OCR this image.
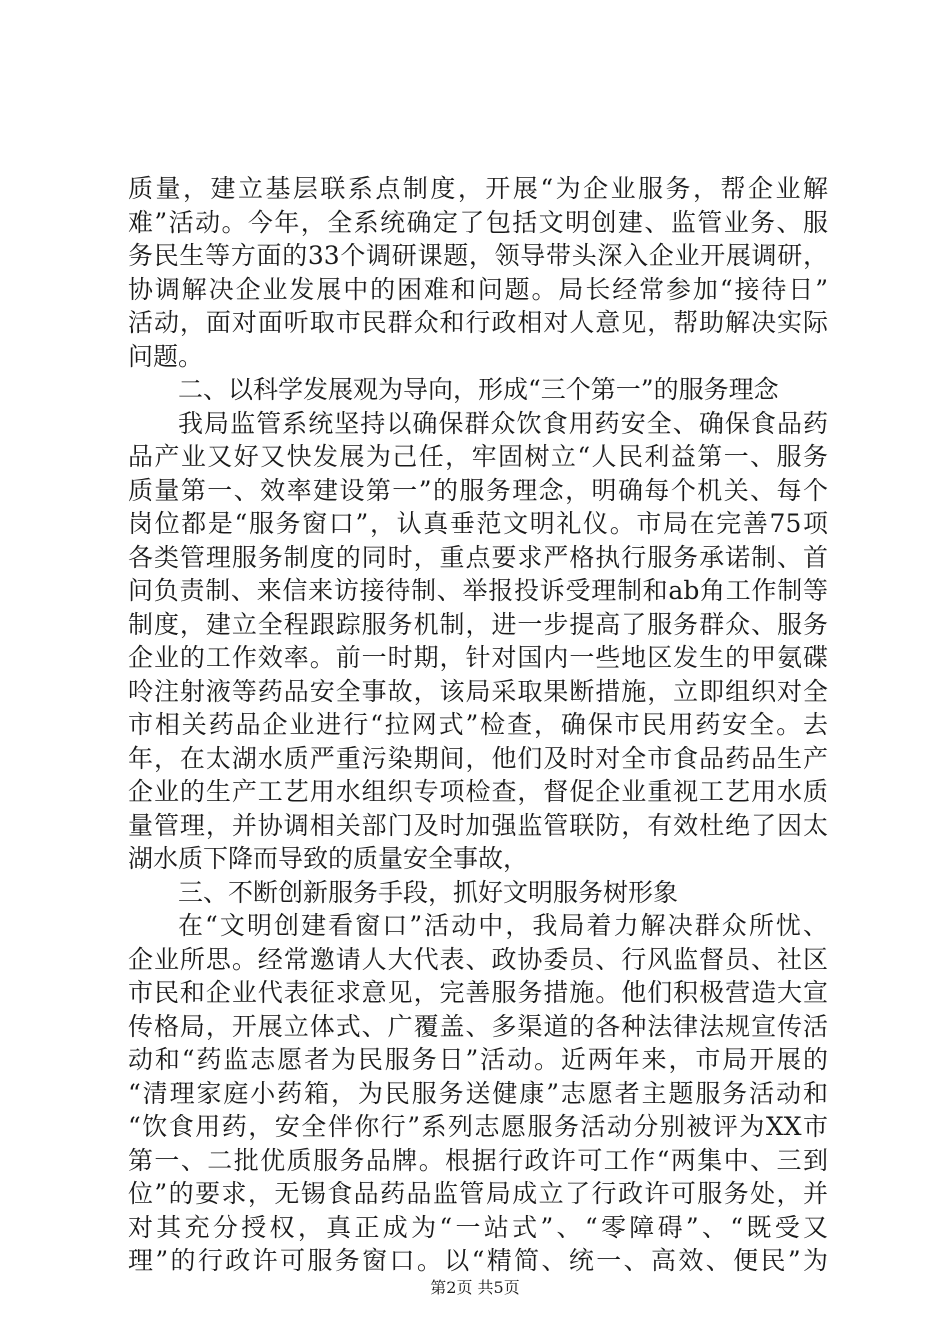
质量，建立基层联系点制度，开展“为企业服务，帮企业解
难”活动。今年，全系统确定了包括文明创建、监管业务、服
务民生等方面的33个调研课题，领导带头深入企业开展调研，
协调解决企业发展中的困难和问题。局长经常参加“接待日”
活动，面对面听取市民群众和行政相对人意见，帮助解决实际
问题。
二、以科学发展观为导向，形成“三个第一”的服务理念
我局监管系统坚持以确保群众饮食用药安全、确保食品药
品产业又好又快发展为己任，牢固树立“人民利益第一、服务
质量第一、效率建设第一”的服务理念，明确每个机关、每个
岗位都是“服务窗口”，认真垂范文明礼仪。市局在完善75项
各类管理服务制度的同时，重点要求严格执行服务承诺制、首
问负责制、来信来访接待制、举报投诉受理制和ab角工作制等
制度，建立全程跟踪服务机制，进一步提高了服务群众、服务
企业的工作效率。前一时期，针对国内一些地区发生的甲氨碟
呤注射液等药品安全事故，该局采取果断措施，立即组织对全
市相关药品企业进行“拉网式”检查，确保市民用药安全。去
年，在太湖水质严重污染期间，他们及时对全市食品药品生产
企业的生产工艺用水组织专项检查，督促企业重视工艺用水质
量管理，并协调相关部门及时加强监管联防，有效杜绝了因太
湖水质下降而导致的质量安全事故，
三、不断创新服务手段，抓好文明服务树形象
在“文明创建看窗口”活动中，我局着力解决群众所忧、
企业所思。经常邀请人大代表、政协委员、行风监督员、社区
市民和企业代表征求意见，完善服务措施。他们积极营造大宣
传格局，开展立体式、广覆盖、多渠道的各种法律法规宣传活
动和“药监志愿者为民服务日”活动。近两年来，市局开展的
“清理家庭小药箱，为民服务送健康”志愿者主题服务活动和
“饮食用药，安全伴你行”系列志愿服务活动分别被评为XX市
第一、二批优质服务品牌。根据行政许可工作“两集中、三到
位”的要求，无锡食品药品监管局成立了行政许可服务处，并
对其充分授权，真正成为“一站式”、“零障碍”、“既受又
理”的行政许可服务窗口。以“精简、统一、高效、便民”为
第2页 共5页
